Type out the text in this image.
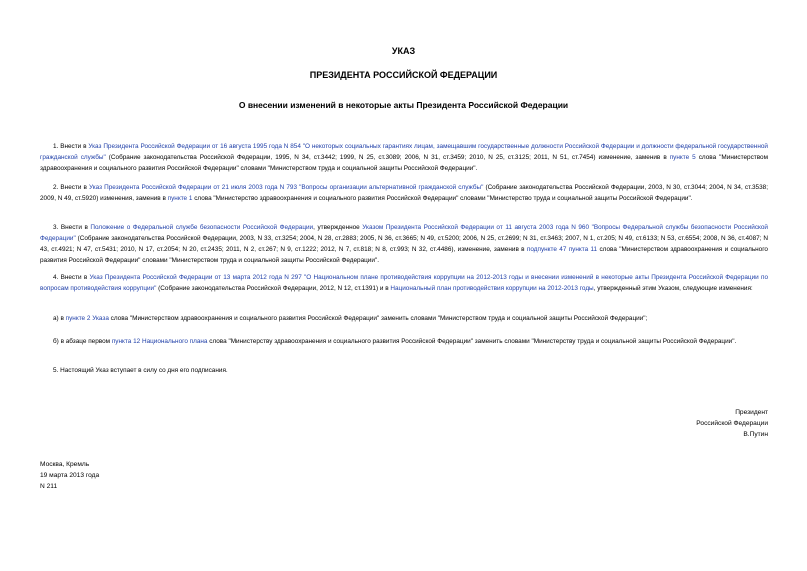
УКАЗ
ПРЕЗИДЕНТА РОССИЙСКОЙ ФЕДЕРАЦИИ
О внесении изменений в некоторые акты Президента Российской Федерации
1. Внести в Указ Президента Российской Федерации от 16 августа 1995 года N 854 "О некоторых социальных гарантиях лицам, замещавшим государственные должности Российской Федерации и должности федеральной государственной гражданской службы" (Собрание законодательства Российской Федерации, 1995, N 34, ст.3442; 1999, N 25, ст.3089; 2006, N 31, ст.3459; 2010, N 25, ст.3125; 2011, N 51, ст.7454) изменение, заменив в пункте 5 слова "Министерством здравоохранения и социального развития Российской Федерации" словами "Министерством труда и социальной защиты Российской Федерации".
2. Внести в Указ Президента Российской Федерации от 21 июля 2003 года N 793 "Вопросы организации альтернативной гражданской службы" (Собрание законодательства Российской Федерации, 2003, N 30, ст.3044; 2004, N 34, ст.3538; 2009, N 49, ст.5920) изменения, заменив в пункте 1 слова "Министерство здравоохранения и социального развития Российской Федерации" словами "Министерство труда и социальной защиты Российской Федерации".
3. Внести в Положение о Федеральной службе безопасности Российской Федерации, утвержденное Указом Президента Российской Федерации от 11 августа 2003 года N 960 "Вопросы Федеральной службы безопасности Российской Федерации" (Собрание законодательства Российской Федерации, 2003, N 33, ст.3254; 2004, N 28, ст.2883; 2005, N 36, ст.3665; N 49, ст.5200; 2006, N 25, ст.2699; N 31, ст.3463; 2007, N 1, ст.205; N 49, ст.6133; N 53, ст.6554; 2008, N 36, ст.4087; N 43, ст.4921; N 47, ст.5431; 2010, N 17, ст.2054; N 20, ст.2435; 2011, N 2, ст.267; N 9, ст.1222; 2012, N 7, ст.818; N 8, ст.993; N 32, ст.4486), изменение, заменив в подпункте 47 пункта 11 слова "Министерством здравоохранения и социального развития Российской Федерации" словами "Министерством труда и социальной защиты Российской Федерации".
4. Внести в Указ Президента Российской Федерации от 13 марта 2012 года N 297 "О Национальном плане противодействия коррупции на 2012-2013 годы и внесении изменений в некоторые акты Президента Российской Федерации по вопросам противодействия коррупции" (Собрание законодательства Российской Федерации, 2012, N 12, ст.1391) и в Национальный план противодействия коррупции на 2012-2013 годы, утвержденный этим Указом, следующие изменения:
а) в пункте 2 Указа слова "Министерством здравоохранения и социального развития Российской Федерации" заменить словами "Министерством труда и социальной защиты Российской Федерации";
б) в абзаце первом пункта 12 Национального плана слова "Министерству здравоохранения и социального развития Российской Федерации" заменить словами "Министерству труда и социальной защиты Российской Федерации".
5. Настоящий Указ вступает в силу со дня его подписания.
Президент
Российской Федерации
В.Путин
Москва, Кремль
19 марта 2013 года
N 211
